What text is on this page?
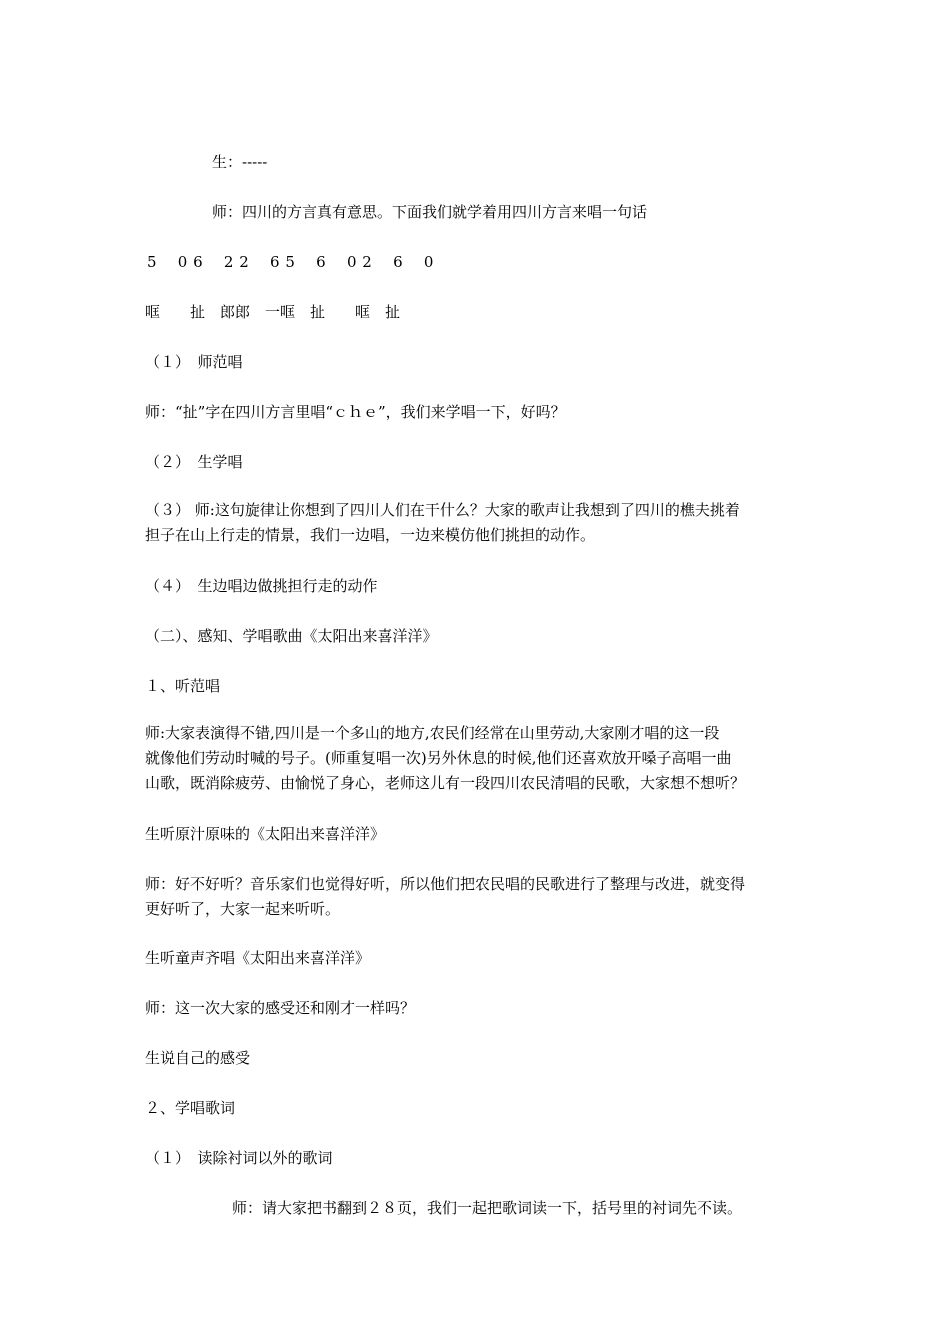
生：-----
师：四川的方言真有意思。下面我们就学着用四川方言来唱一句话
5　 0 6　 2 2　 6 5　 6　 0 2　 6　 0
哐　　扯　郎郎　一哐　扯　　哐　扯
（１）　师范唱
师：“扯”字在四川方言里唱“ｃｈｅ”，我们来学唱一下，好吗？
（２）　生学唱
（３） 师:这句旋律让你想到了四川人们在干什么？大家的歌声让我想到了四川的樵夫挑着
担子在山上行走的情景，我们一边唱，一边来模仿他们挑担的动作。
（４）　生边唱边做挑担行走的动作
（二）、感知、学唱歌曲《太阳出来喜洋洋》
１、听范唱
师:大家表演得不错,四川是一个多山的地方,农民们经常在山里劳动,大家刚才唱的这一段
就像他们劳动时喊的号子。(师重复唱一次)另外休息的时候,他们还喜欢放开嗓子高唱一曲
山歌，既消除疲劳、由愉悦了身心，老师这儿有一段四川农民清唱的民歌，大家想不想听？
生听原汁原味的《太阳出来喜洋洋》
师：好不好听？音乐家们也觉得好听，所以他们把农民唱的民歌进行了整理与改进，就变得
更好听了，大家一起来听听。
生听童声齐唱《太阳出来喜洋洋》
师：这一次大家的感受还和刚才一样吗？
生说自己的感受
２、学唱歌词
（１）　读除衬词以外的歌词
师：请大家把书翻到２８页，我们一起把歌词读一下，括号里的衬词先不读。
